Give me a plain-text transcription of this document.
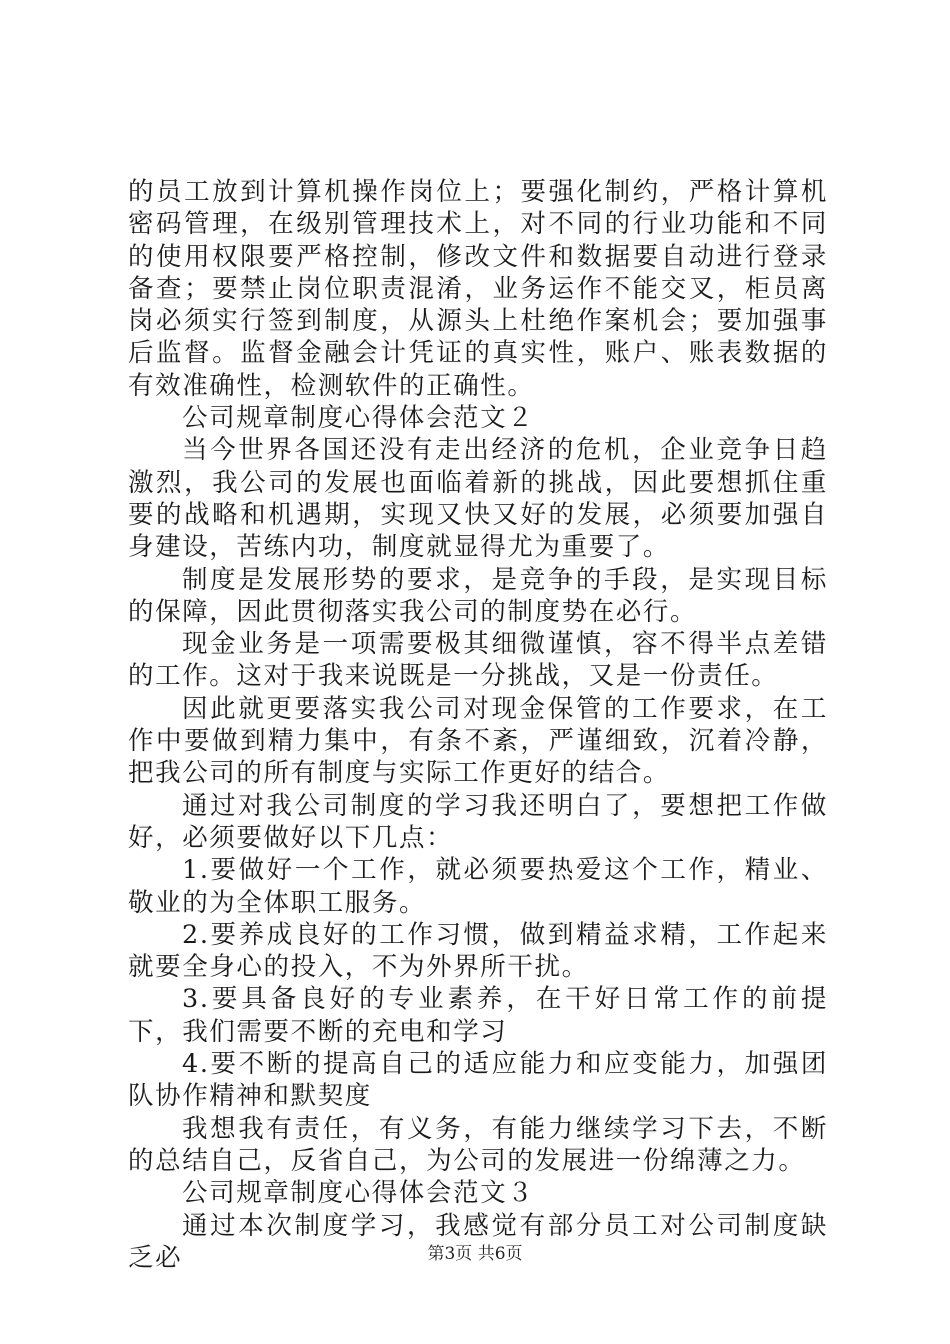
的员工放到计算机操作岗位上；要强化制约，严格计算机密码管理，在级别管理技术上，对不同的行业功能和不同的使用权限要严格控制，修改文件和数据要自动进行登录备查；要禁止岗位职责混淆，业务运作不能交叉，柜员离岗必须实行签到制度，从源头上杜绝作案机会；要加强事后监督。监督金融会计凭证的真实性，账户、账表数据的有效准确性，检测软件的正确性。

公司规章制度心得体会范文２

当今世界各国还没有走出经济的危机，企业竞争日趋激烈，我公司的发展也面临着新的挑战，因此要想抓住重要的战略和机遇期，实现又快又好的发展，必须要加强自身建设，苦练内功，制度就显得尤为重要了。

制度是发展形势的要求，是竞争的手段，是实现目标的保障，因此贯彻落实我公司的制度势在必行。

现金业务是一项需要极其细微谨慎，容不得半点差错的工作。这对于我来说既是一分挑战，又是一份责任。

因此就更要落实我公司对现金保管的工作要求，在工作中要做到精力集中，有条不紊，严谨细致，沉着冷静，把我公司的所有制度与实际工作更好的结合。

通过对我公司制度的学习我还明白了，要想把工作做好，必须要做好以下几点：

1.要做好一个工作，就必须要热爱这个工作，精业、敬业的为全体职工服务。

2.要养成良好的工作习惯，做到精益求精，工作起来就要全身心的投入，不为外界所干扰。

3.要具备良好的专业素养，在干好日常工作的前提下，我们需要不断的充电和学习

4.要不断的提高自己的适应能力和应变能力，加强团队协作精神和默契度

我想我有责任，有义务，有能力继续学习下去，不断的总结自己，反省自己，为公司的发展进一份绵薄之力。

公司规章制度心得体会范文３

通过本次制度学习，我感觉有部分员工对公司制度缺乏必	第3页 共6页
